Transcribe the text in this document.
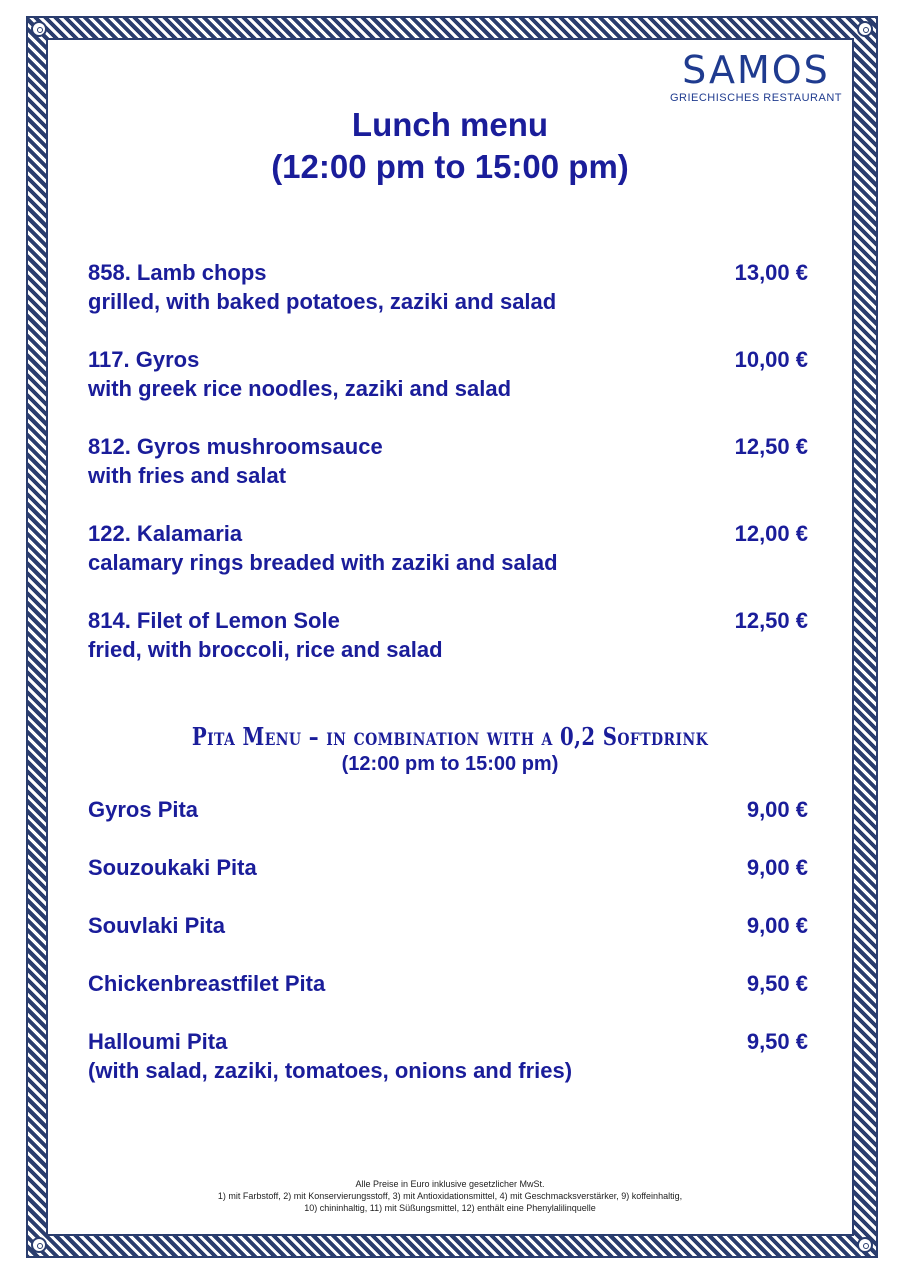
SAMOS
GRIECHISCHES RESTAURANT
Lunch menu
(12:00 pm to 15:00 pm)
858. Lamb chops	13,00 €
grilled, with baked potatoes, zaziki and salad
117. Gyros	10,00 €
with greek rice noodles, zaziki and salad
812. Gyros mushroomsauce	12,50 €
with fries and salat
122. Kalamaria	12,00 €
calamary rings breaded with zaziki and salad
814. Filet of Lemon Sole	12,50 €
fried, with broccoli, rice and salad
Pita Menu – in combination with a 0,2 Softdrink
(12:00 pm to 15:00 pm)
Gyros Pita	9,00 €
Souzoukaki Pita	9,00 €
Souvlaki Pita	9,00 €
Chickenbreastfilet Pita	9,50 €
Halloumi Pita	9,50 €
(with salad, zaziki, tomatoes, onions and fries)
Alle Preise in Euro inklusive gesetzlicher MwSt.
1) mit Farbstoff, 2) mit Konservierungsstoff, 3) mit Antioxidationsmittel, 4) mit Geschmacksverstärker, 9) koffeinhaltig,
10) chininhaltig, 11) mit Süßungsmittel, 12) enthält eine Phenylalilinquelle
